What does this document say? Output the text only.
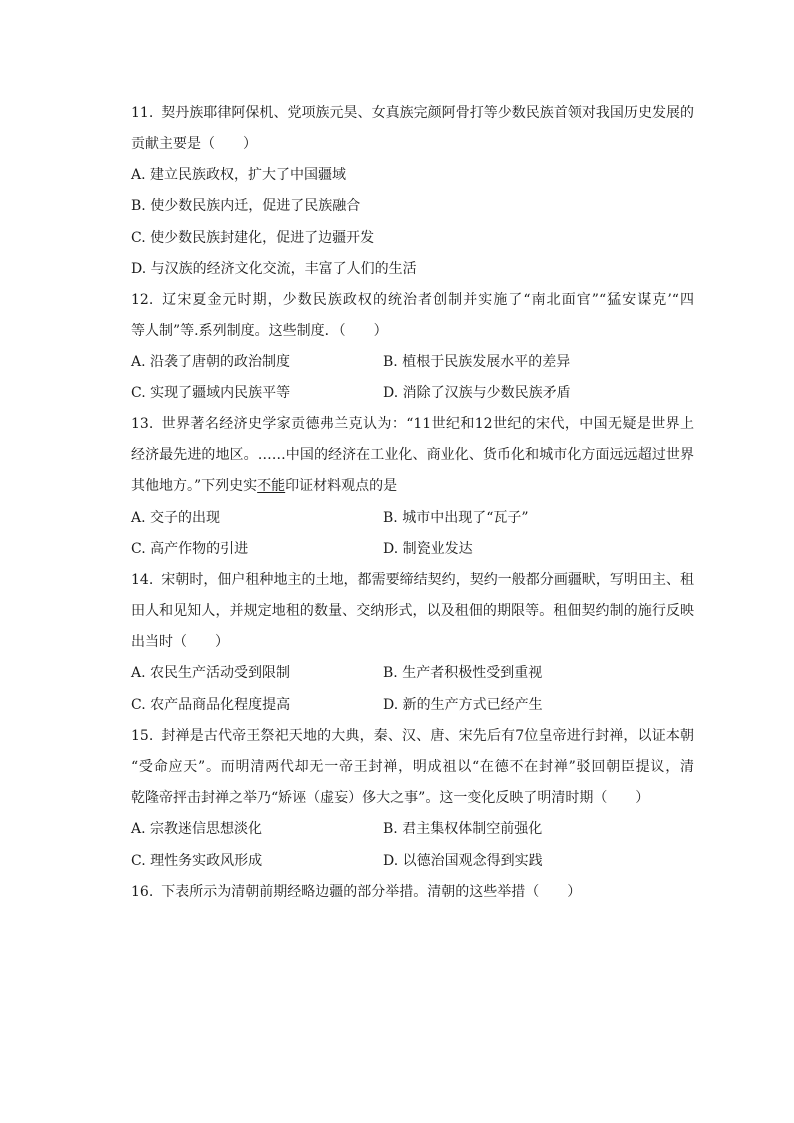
11. 契丹族耶律阿保机、党项族元昊、女真族完颜阿骨打等少数民族首领对我国历史发展的
贡献主要是（　　）
A. 建立民族政权，扩大了中国疆域
B. 使少数民族内迁，促进了民族融合
C. 使少数民族封建化，促进了边疆开发
D. 与汉族的经济文化交流，丰富了人们的生活
12. 辽宋夏金元时期，少数民族政权的统治者创制并实施了“南北面官”“猛安谋克’“四
等人制”等.系列制度。这些制度．（　　）
A. 沿袭了唐朝的政治制度	B. 植根于民族发展水平的差异
C. 实现了疆域内民族平等	D. 消除了汉族与少数民族矛盾
13. 世界著名经济史学家贡德弗兰克认为：“11世纪和12世纪的宋代，中国无疑是世界上
经济最先进的地区。……中国的经济在工业化、商业化、货币化和城市化方面远远超过世界
其他地方。”下列史实不能印证材料观点的是
A. 交子的出现	B. 城市中出现了“瓦子”
C. 高产作物的引进	D. 制瓷业发达
14. 宋朝时，佃户租种地主的土地，都需要缔结契约，契约一般都分画疆畎，写明田主、租
田人和见知人，并规定地租的数量、交纳形式，以及租佃的期限等。租佃契约制的施行反映
出当时（　　）
A. 农民生产活动受到限制	B. 生产者积极性受到重视
C. 农产品商品化程度提高	D. 新的生产方式已经产生
15. 封禅是古代帝王祭祀天地的大典，秦、汉、唐、宋先后有7位皇帝进行封禅，以证本朝
“受命应天”。而明清两代却无一帝王封禅，明成祖以“在德不在封禅”驳回朝臣提议，清
乾隆帝抨击封禅之举乃“矫诬（虚妄）侈大之事”。这一变化反映了明清时期（　　）
A. 宗教迷信思想淡化	B. 君主集权体制空前强化
C. 理性务实政风形成	D. 以德治国观念得到实践
16. 下表所示为清朝前期经略边疆的部分举措。清朝的这些举措（　　）
